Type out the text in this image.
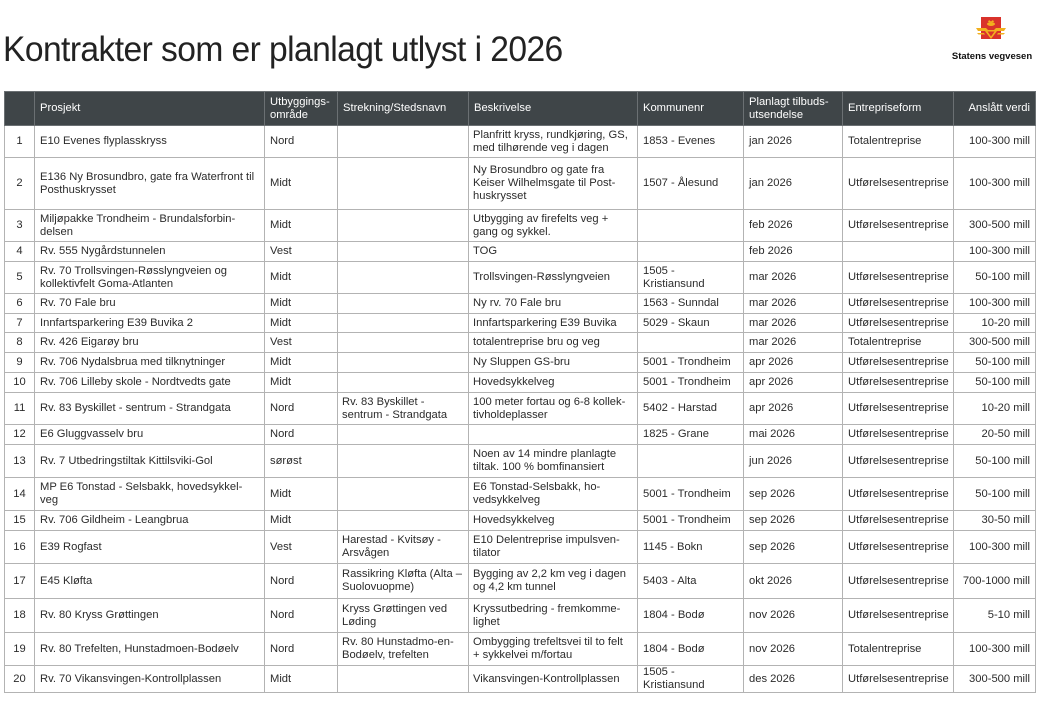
Kontrakter som er planlagt utlyst i 2026	Statens vegvesen
	Prosjekt	Utbyggings-område	Strekning/Stedsnavn	Beskrivelse	Kommunenr	Planlagt tilbuds-utsendelse	Entrepriseform	Anslått verdi
1	E10 Evenes flyplasskryss	Nord		Planfritt kryss, rundkjøring, GS, med tilhørende veg i dagen	1853 - Evenes	jan 2026	Totalentreprise	100-300 mill
2	E136 Ny Brosundbro, gate fra Waterfront til Posthuskrysset	Midt		Ny Brosundbro og gate fra Keiser Wilhelmsgate til Post-huskrysset	1507 - Ålesund	jan 2026	Utførelsesentreprise	100-300 mill
3	Miljøpakke Trondheim - Brundalsforbin-delsen	Midt		Utbygging av firefelts veg + gang og sykkel.		feb 2026	Utførelsesentreprise	300-500 mill
4	Rv. 555 Nygårdstunnelen	Vest		TOG		feb 2026		100-300 mill
5	Rv. 70 Trollsvingen-Røsslyngveien og kollektivfelt Goma-Atlanten	Midt		Trollsvingen-Røsslyngveien	1505 - Kristiansund	mar 2026	Utførelsesentreprise	50-100 mill
6	Rv. 70 Fale bru	Midt		Ny rv. 70 Fale bru	1563 - Sunndal	mar 2026	Utførelsesentreprise	100-300 mill
7	Innfartsparkering E39 Buvika 2	Midt		Innfartsparkering E39 Buvika	5029 - Skaun	mar 2026	Utførelsesentreprise	10-20 mill
8	Rv. 426 Eigarøy bru	Vest		totalentreprise bru og veg		mar 2026	Totalentreprise	300-500 mill
9	Rv. 706 Nydalsbrua med tilknytninger	Midt		Ny Sluppen GS-bru	5001 - Trondheim	apr 2026	Utførelsesentreprise	50-100 mill
10	Rv. 706 Lilleby skole - Nordtvedts gate	Midt		Hovedsykkelveg	5001 - Trondheim	apr 2026	Utførelsesentreprise	50-100 mill
11	Rv. 83 Byskillet - sentrum - Strandgata	Nord	Rv. 83 Byskillet - sentrum - Strandgata	100 meter fortau og 6-8 kollek-tivholdeplasser	5402 - Harstad	apr 2026	Utførelsesentreprise	10-20 mill
12	E6 Gluggvasselv bru	Nord			1825 - Grane	mai 2026	Utførelsesentreprise	20-50 mill
13	Rv. 7 Utbedringstiltak Kittilsviki-Gol	sørøst		Noen av 14 mindre planlagte tiltak. 100 % bomfinansiert		jun 2026	Utførelsesentreprise	50-100 mill
14	MP E6 Tonstad - Selsbakk, hovedsykkel-veg	Midt		E6 Tonstad-Selsbakk, ho-vedsykkelveg	5001 - Trondheim	sep 2026	Utførelsesentreprise	50-100 mill
15	Rv. 706 Gildheim - Leangbrua	Midt		Hovedsykkelveg	5001 - Trondheim	sep 2026	Utførelsesentreprise	30-50 mill
16	E39 Rogfast	Vest	Harestad - Kvitsøy - Arsvågen	E10 Delentreprise impulsven-tilator	1145 - Bokn	sep 2026	Utførelsesentreprise	100-300 mill
17	E45 Kløfta	Nord	Rassikring Kløfta (Alta – Suolovuopme)	Bygging av 2,2 km veg i dagen og 4,2 km tunnel	5403 - Alta	okt 2026	Utførelsesentreprise	700-1000 mill
18	Rv. 80 Kryss Grøttingen	Nord	Kryss Grøttingen ved Løding	Kryssutbedring - fremkomme-lighet	1804 - Bodø	nov 2026	Utførelsesentreprise	5-10 mill
19	Rv. 80 Trefelten, Hunstadmoen-Bodøelv	Nord	Rv. 80 Hunstadmo-en-Bodøelv, trefelten	Ombygging trefeltsvei til to felt + sykkelvei m/fortau	1804 - Bodø	nov 2026	Totalentreprise	100-300 mill
20	Rv. 70 Vikansvingen-Kontrollplassen	Midt		Vikansvingen-Kontrollplassen	1505 - Kristiansund	des 2026	Utførelsesentreprise	300-500 mill
